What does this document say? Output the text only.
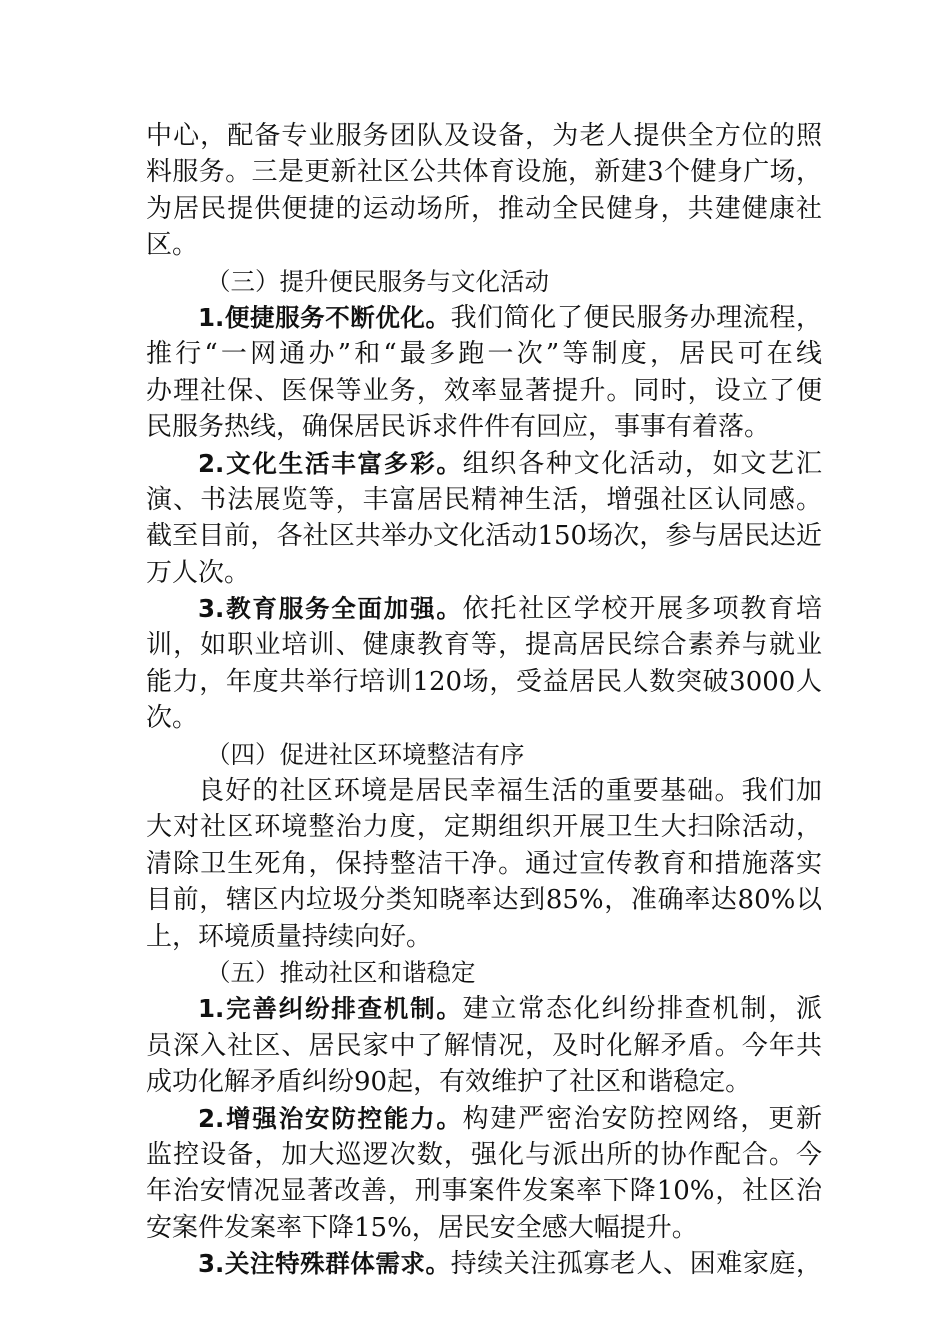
中心，配备专业服务团队及设备，为老人提供全方位的照
料服务。三是更新社区公共体育设施，新建3个健身广场，
为居民提供便捷的运动场所，推动全民健身，共建健康社
区。
（三）提升便民服务与文化活动
1.便捷服务不断优化。我们简化了便民服务办理流程，
推行“一网通办”和“最多跑一次”等制度，居民可在线
办理社保、医保等业务，效率显著提升。同时，设立了便
民服务热线，确保居民诉求件件有回应，事事有着落。
2.文化生活丰富多彩。组织各种文化活动，如文艺汇
演、书法展览等，丰富居民精神生活，增强社区认同感。
截至目前，各社区共举办文化活动150场次，参与居民达近
万人次。
3.教育服务全面加强。依托社区学校开展多项教育培
训，如职业培训、健康教育等，提高居民综合素养与就业
能力，年度共举行培训120场，受益居民人数突破3000人
次。
（四）促进社区环境整洁有序
良好的社区环境是居民幸福生活的重要基础。我们加
大对社区环境整治力度，定期组织开展卫生大扫除活动，
清除卫生死角，保持整洁干净。通过宣传教育和措施落实
目前，辖区内垃圾分类知晓率达到85%，准确率达80%以
上，环境质量持续向好。
（五）推动社区和谐稳定
1.完善纠纷排查机制。建立常态化纠纷排查机制，派
员深入社区、居民家中了解情况，及时化解矛盾。今年共
成功化解矛盾纠纷90起，有效维护了社区和谐稳定。
2.增强治安防控能力。构建严密治安防控网络，更新
监控设备，加大巡逻次数，强化与派出所的协作配合。今
年治安情况显著改善，刑事案件发案率下降10%，社区治
安案件发案率下降15%，居民安全感大幅提升。
3.关注特殊群体需求。持续关注孤寡老人、困难家庭，
